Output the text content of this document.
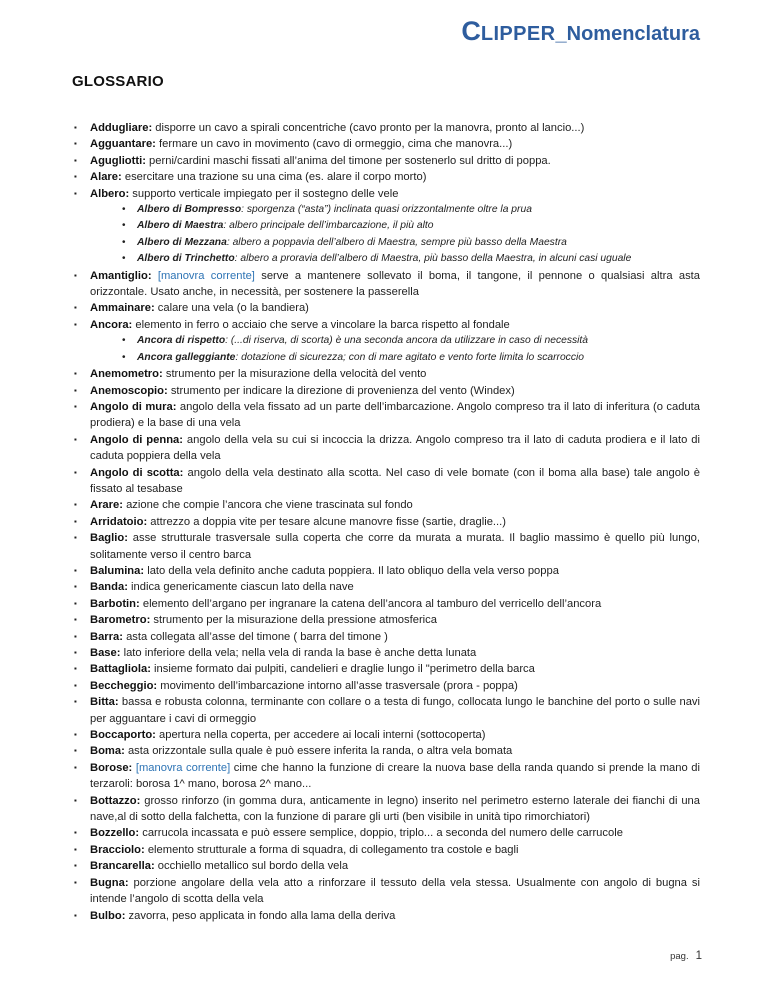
CLIPPER_Nomenclatura
GLOSSARIO
▪ Addugliare: disporre un cavo a spirali concentriche (cavo pronto per la manovra, pronto al lancio...)
▪ Agguantare: fermare un cavo in movimento (cavo di ormeggio, cima che manovra...)
▪ Agugliotti: perni/cardini maschi fissati all’anima del timone per sostenerlo sul dritto di poppa.
▪ Alare: esercitare una trazione su una cima (es. alare il corpo morto)
▪ Albero: supporto verticale impiegato per il sostegno delle vele
• Albero di Bompresso: sporgenza (“asta”) inclinata quasi orizzontalmente oltre la prua
• Albero di Maestra: albero principale dell’imbarcazione, il più alto
• Albero di Mezzana: albero a poppavia dell’albero di Maestra, sempre più basso della Maestra
• Albero di Trinchetto: albero a proravia dell’albero di Maestra, più basso della Maestra, in alcuni casi uguale
▪ Amantiglio: [manovra corrente] serve a mantenere sollevato il boma, il tangone, il pennone o qualsiasi altra asta orizzontale. Usato anche, in necessità, per sostenere la passerella
▪ Ammainare: calare una vela (o la bandiera)
▪ Ancora: elemento in ferro o acciaio che serve a vincolare la barca rispetto al fondale
• Ancora di rispetto: (...di riserva, di scorta) è una seconda ancora da utilizzare in caso di necessità
• Ancora galleggiante: dotazione di sicurezza; con di mare agitato e vento forte limita lo scarroccio
▪ Anemometro: strumento per la misurazione della velocità del vento
▪ Anemoscopio: strumento per indicare la direzione di provenienza del vento (Windex)
▪ Angolo di mura: angolo della vela fissato ad un parte dell’imbarcazione. Angolo compreso tra il lato di inferitura (o caduta prodiera) e la base di una vela
▪ Angolo di penna: angolo della vela su cui si incoccia la drizza. Angolo compreso tra il lato di caduta prodiera e il lato di caduta poppiera della vela
▪ Angolo di scotta: angolo della vela destinato alla scotta. Nel caso di vele bomate (con il boma alla base) tale angolo è fissato al tesabase
▪ Arare: azione che compie l’ancora che viene trascinata sul fondo
▪ Arridatoio: attrezzo a doppia vite per tesare alcune manovre fisse (sartie, draglie...)
▪ Baglio: asse strutturale trasversale sulla coperta che corre da murata a murata. Il baglio massimo è quello più lungo, solitamente verso il centro barca
▪ Balumina: lato della vela definito anche caduta poppiera. Il lato obliquo della vela verso poppa
▪ Banda: indica genericamente ciascun lato della nave
▪ Barbotin: elemento dell’argano per ingranare la catena dell’ancora al tamburo del verricello dell’ancora
▪ Barometro: strumento per la misurazione della pressione atmosferica
▪ Barra: asta collegata all’asse del timone ( barra del timone )
▪ Base: lato inferiore della vela; nella vela di randa la base è anche detta lunata
▪ Battagliola: insieme formato dai pulpiti, candelieri e draglie lungo il "perimetro della barca
▪ Beccheggio: movimento dell’imbarcazione intorno all’asse trasversale (prora - poppa)
▪ Bitta: bassa e robusta colonna, terminante con collare o a testa di fungo, collocata lungo le banchine del porto o sulle navi per agguantare i cavi di ormeggio
▪ Boccaporto: apertura nella coperta, per accedere ai locali interni (sottocoperta)
▪ Boma: asta orizzontale sulla quale è può essere inferita la randa, o altra vela bomata
▪ Borose: [manovra corrente] cime che hanno la funzione di creare la nuova base della randa quando si prende la mano di terzaroli: borosa 1^ mano, borosa 2^ mano...
▪ Bottazzo: grosso rinforzo (in gomma dura, anticamente in legno) inserito nel perimetro esterno laterale dei fianchi di una nave,al di sotto della falchetta, con la funzione di parare gli urti (ben visibile in unità tipo rimorchiatori)
▪ Bozzello: carrucola incassata e può essere semplice, doppio, triplo... a seconda del numero delle carrucole
▪ Bracciolo: elemento strutturale a forma di squadra, di collegamento tra costole e bagli
▪ Brancarella: occhiello metallico sul bordo della vela
▪ Bugna: porzione angolare della vela atto a rinforzare il tessuto della vela stessa. Usualmente con angolo di bugna si intende l’angolo di scotta della vela
▪ Bulbo: zavorra, peso applicata in fondo alla lama della deriva
pag. 1
